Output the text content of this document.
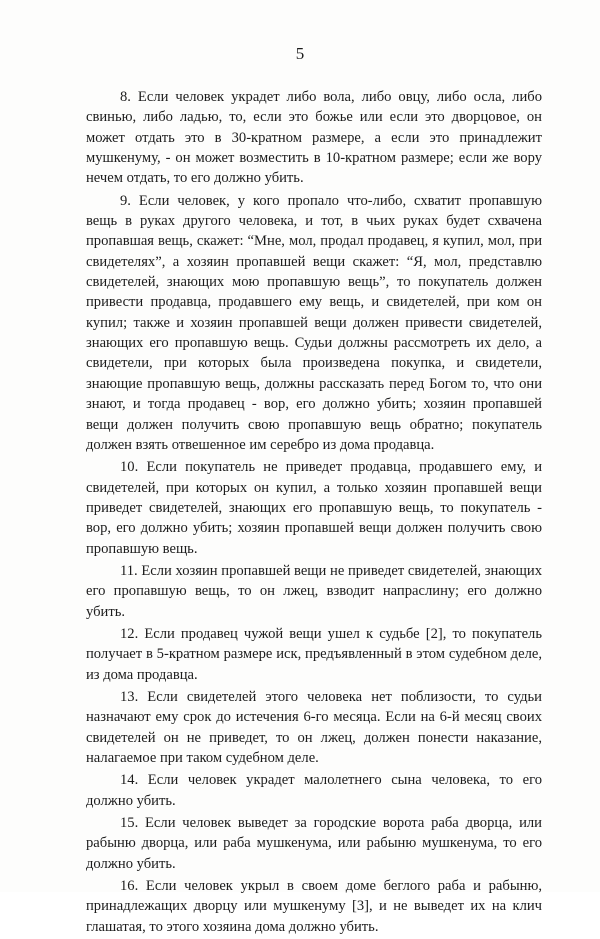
5

8. Если человек украдет либо вола, либо овцу, либо осла, либо свинью, либо ладью, то, если это божье или если это дворцовое, он может отдать это в 30-кратном размере, а если это принадлежит мушкенуму, - он может возместить в 10-кратном размере; если же вору нечем отдать, то его должно убить.

9. Если человек, у кого пропало что-либо, схватит пропавшую вещь в руках другого человека, и тот, в чьих руках будет схвачена пропавшая вещь, скажет: “Мне, мол, продал продавец, я купил, мол, при свидетелях”, а хозяин пропавшей вещи скажет: “Я, мол, представлю свидетелей, знающих мою пропавшую вещь”, то покупатель должен привести продавца, продавшего ему вещь, и свидетелей, при ком он купил; также и хозяин пропавшей вещи должен привести свидетелей, знающих его пропавшую вещь. Судьи должны рассмотреть их дело, а свидетели, при которых была произведена покупка, и свидетели, знающие пропавшую вещь, должны рассказать перед Богом то, что они знают, и тогда продавец - вор, его должно убить; хозяин пропавшей вещи должен получить свою пропавшую вещь обратно; покупатель должен взять отвешенное им серебро из дома продавца.

10. Если покупатель не приведет продавца, продавшего ему, и свидетелей, при которых он купил, а только хозяин пропавшей вещи приведет свидетелей, знающих его пропавшую вещь, то покупатель - вор, его должно убить; хозяин пропавшей вещи должен получить свою пропавшую вещь.

11. Если хозяин пропавшей вещи не приведет свидетелей, знающих его пропавшую вещь, то он лжец, взводит напраслину; его должно убить.

12. Если продавец чужой вещи ушел к судьбе [2], то покупатель получает в 5-кратном размере иск, предъявленный в этом судебном деле, из дома продавца.

13. Если свидетелей этого человека нет поблизости, то судьи назначают ему срок до истечения 6-го месяца. Если на 6-й месяц своих свидетелей он не приведет, то он лжец, должен понести наказание, налагаемое при таком судебном деле.

14. Если человек украдет малолетнего сына человека, то его должно убить.

15. Если человек выведет за городские ворота раба дворца, или рабыню дворца, или раба мушкенума, или рабыню мушкенума, то его должно убить.

16. Если человек укрыл в своем доме беглого раба и рабыню, принадлежащих дворцу или мушкенуму [3], и не выведет их на клич глашатая, то этого хозяина дома должно убить.
